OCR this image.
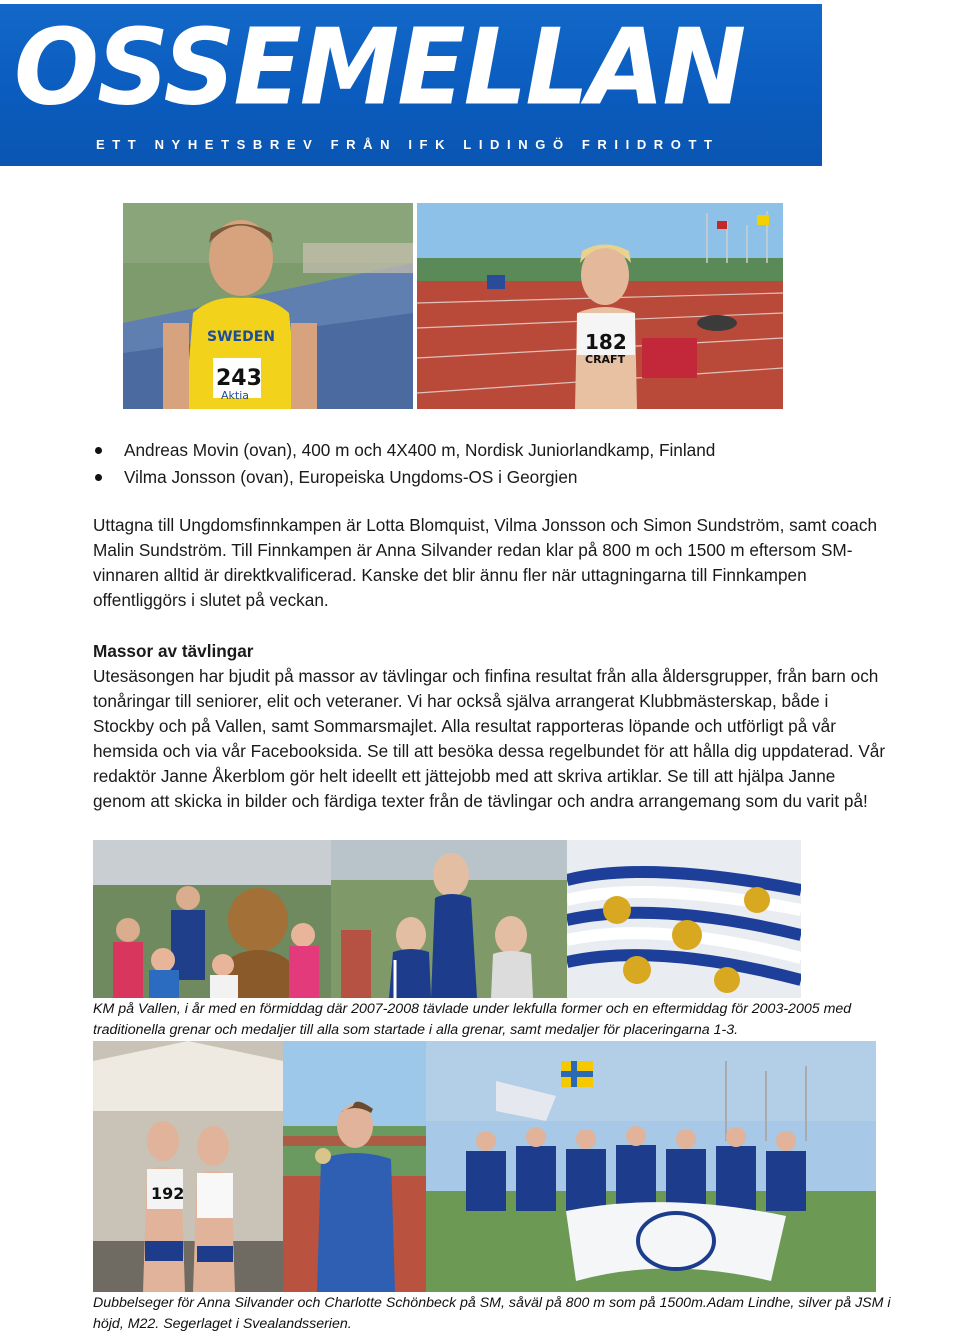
OSSEMELLAN
ETT NYHETSBREV FRÅN IFK LIDINGÖ FRIIDROTT
SWEDEN
243
Aktia
182
CRAFT
Andreas Movin (ovan), 400 m och 4X400 m, Nordisk Juniorlandkamp, Finland
Vilma Jonsson (ovan), Europeiska Ungdoms-OS i Georgien
Uttagna till Ungdomsfinnkampen är Lotta Blomquist, Vilma Jonsson och Simon Sundström, samt coach
Malin Sundström. Till Finnkampen är Anna Silvander redan klar på 800 m och 1500 m eftersom SM-
vinnaren alltid är direktkvalificerad. Kanske det blir ännu fler när uttagningarna till Finnkampen
offentliggörs i slutet på veckan.
Massor av tävlingar
Utesäsongen har bjudit på massor av tävlingar och finfina resultat från alla åldersgrupper, från barn och
tonåringar till seniorer, elit och veteraner. Vi har också själva arrangerat Klubbmästerskap, både i
Stockby och på Vallen, samt Sommarsmajlet. Alla resultat rapporteras löpande och utförligt på vår
hemsida och via vår Facebooksida. Se till att besöka dessa regelbundet för att hålla dig uppdaterad. Vår
redaktör Janne Åkerblom gör helt ideellt ett jättejobb med att skriva artiklar. Se till att hjälpa Janne
genom att skicka in bilder och färdiga texter från de tävlingar och andra arrangemang som du varit på!
KM på Vallen, i år med en förmiddag där 2007-2008 tävlade under lekfulla former och en eftermiddag för 2003-2005 med
traditionella grenar och medaljer till alla som startade i alla grenar, samt medaljer för placeringarna 1-3.
192
Dubbelseger för Anna Silvander och Charlotte Schönbeck på SM, såväl på 800 m som på 1500m.Adam Lindhe, silver på JSM i
höjd, M22. Segerlaget i Svealandsserien.
